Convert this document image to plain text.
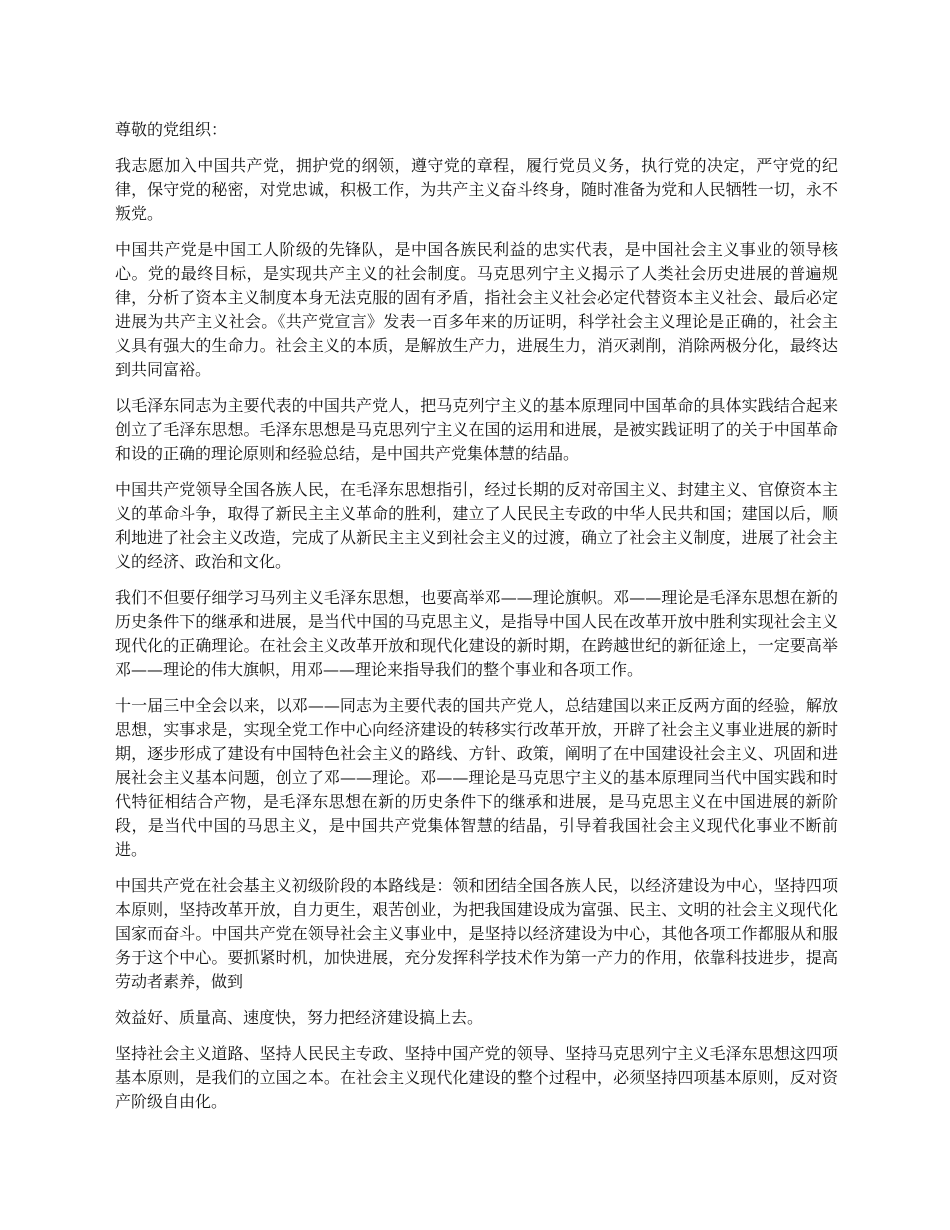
尊敬的党组织：

我志愿加入中国共产党，拥护党的纲领，遵守党的章程，履行党员义务，执行党的决定，严守党的纪律，保守党的秘密，对党忠诚，积极工作，为共产主义奋斗终身，随时准备为党和人民牺牲一切，永不叛党。

中国共产党是中国工人阶级的先锋队，是中国各族民利益的忠实代表，是中国社会主义事业的领导核心。党的最终目标，是实现共产主义的社会制度。马克思列宁主义揭示了人类社会历史进展的普遍规律，分析了资本主义制度本身无法克服的固有矛盾，指社会主义社会必定代替资本主义社会、最后必定进展为共产主义社会。《共产党宣言》发表一百多年来的历证明，科学社会主义理论是正确的，社会主义具有强大的生命力。社会主义的本质，是解放生产力，进展生力，消灭剥削，消除两极分化，最终达到共同富裕。

以毛泽东同志为主要代表的中国共产党人，把马克列宁主义的基本原理同中国革命的具体实践结合起来创立了毛泽东思想。毛泽东思想是马克思列宁主义在国的运用和进展，是被实践证明了的关于中国革命和设的正确的理论原则和经验总结，是中国共产党集体慧的结晶。

中国共产党领导全国各族人民，在毛泽东思想指引，经过长期的反对帝国主义、封建主义、官僚资本主义的革命斗争，取得了新民主主义革命的胜利，建立了人民民主专政的中华人民共和国；建国以后，顺利地进了社会主义改造，完成了从新民主主义到社会主义的过渡，确立了社会主义制度，进展了社会主义的经济、政治和文化。

我们不但要仔细学习马列主义毛泽东思想，也要高举邓——理论旗帜。邓——理论是毛泽东思想在新的历史条件下的继承和进展，是当代中国的马克思主义，是指导中国人民在改革开放中胜利实现社会主义现代化的正确理论。在社会主义改革开放和现代化建设的新时期，在跨越世纪的新征途上，一定要高举邓——理论的伟大旗帜，用邓——理论来指导我们的整个事业和各项工作。

十一届三中全会以来，以邓——同志为主要代表的国共产党人，总结建国以来正反两方面的经验，解放思想，实事求是，实现全党工作中心向经济建设的转移实行改革开放，开辟了社会主义事业进展的新时期，逐步形成了建设有中国特色社会主义的路线、方针、政策，阐明了在中国建设社会主义、巩固和进展社会主义基本问题，创立了邓——理论。邓——理论是马克思宁主义的基本原理同当代中国实践和时代特征相结合产物，是毛泽东思想在新的历史条件下的继承和进展，是马克思主义在中国进展的新阶段，是当代中国的马思主义，是中国共产党集体智慧的结晶，引导着我国社会主义现代化事业不断前进。

中国共产党在社会基主义初级阶段的本路线是：领和团结全国各族人民，以经济建设为中心，坚持四项本原则，坚持改革开放，自力更生，艰苦创业，为把我国建设成为富强、民主、文明的社会主义现代化国家而奋斗。中国共产党在领导社会主义事业中，是坚持以经济建设为中心，其他各项工作都服从和服务于这个中心。要抓紧时机，加快进展，充分发挥科学技术作为第一产力的作用，依靠科技进步，提高劳动者素养，做到

效益好、质量高、速度快，努力把经济建设搞上去。

坚持社会主义道路、坚持人民民主专政、坚持中国产党的领导、坚持马克思列宁主义毛泽东思想这四项基本原则，是我们的立国之本。在社会主义现代化建设的整个过程中，必须坚持四项基本原则，反对资产阶级自由化。
